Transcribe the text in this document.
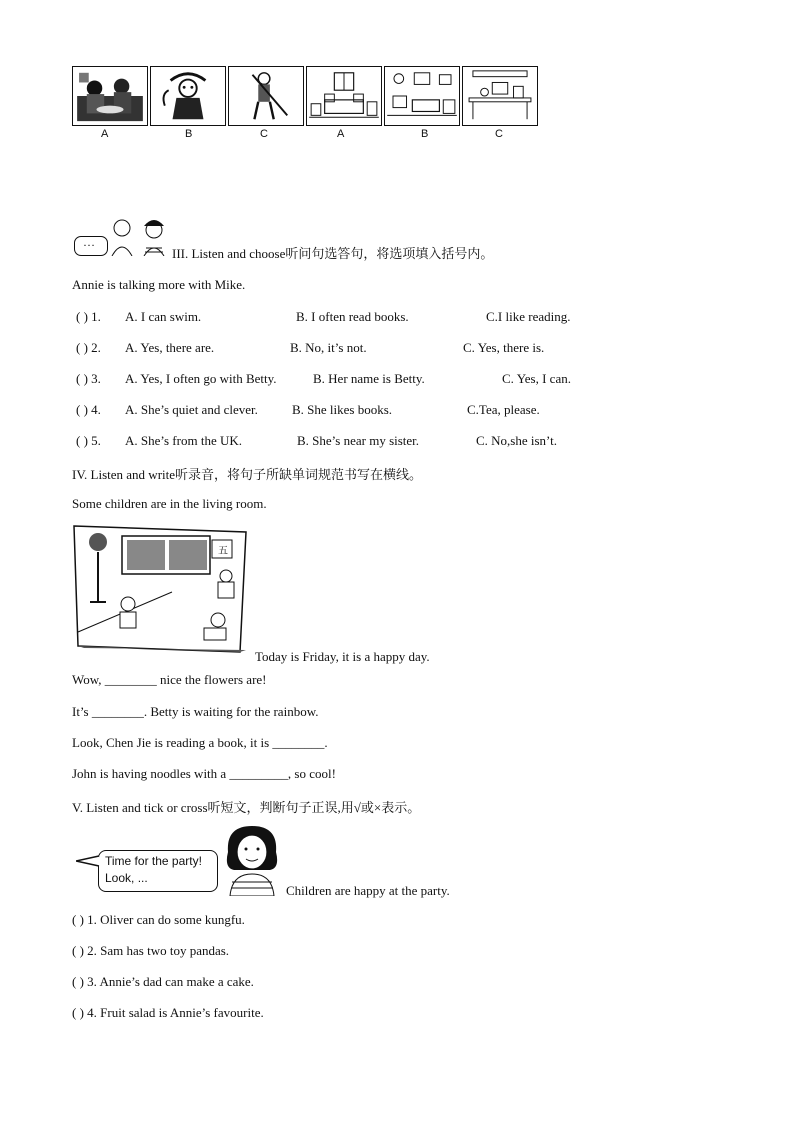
A	B	C	A	B	C
…
III. Listen and choose听问句选答句，将选项填入括号内。
Annie is talking more with Mike.
( ) 1. A. I can swim.	B. I often read books.	C.I like reading.
( ) 2. A. Yes, there are.	B. No, it’s not.	C. Yes, there is.
( ) 3. A. Yes, I often go with Betty.	B. Her name is Betty.	C. Yes, I can.
( ) 4. A. She’s quiet and clever.	B. She likes books.	C.Tea, please.
( ) 5. A. She’s from the UK.	B. She’s near my sister.	C. No,she isn’t.
IV. Listen and write听录音，将句子所缺单词规范书写在横线。
Some children are in the living room.
五
Today is Friday, it is a happy day.
Wow, ________ nice the flowers are!
It’s ________. Betty is waiting for the rainbow.
Look, Chen Jie is reading a book, it is ________.
John is having noodles with a _________, so cool!
V. Listen and tick or cross听短文，判断句子正误,用√或×表示。
Time for the party!
Look, ...
Children are happy at the party.
( ) 1. Oliver can do some kungfu.
( ) 2. Sam has two toy pandas.
( ) 3. Annie’s dad can make a cake.
( ) 4. Fruit salad is Annie’s favourite.
